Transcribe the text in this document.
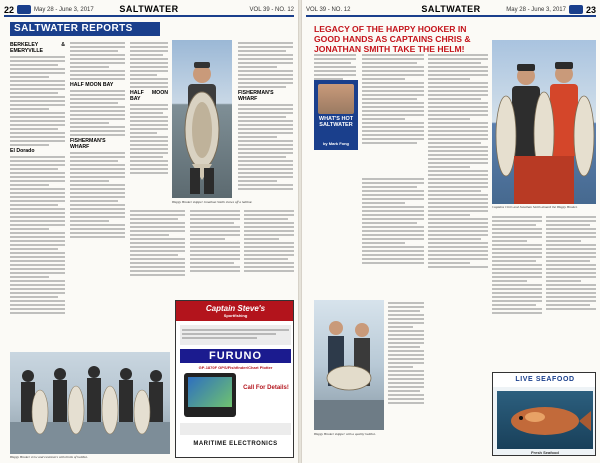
22	May 28 - June 3, 2017	SALTWATER	VOL 39 - NO. 12
SALTWATER REPORTS
BERKELEY & EMERYVILLE
El Dorado
HALF MOON BAY
FISHERMAN'S WHARF
FISHERMAN'S WHARF
HALF MOON BAY
Happy Hooker skipper Jonathan Smith shows off a halibut.
Captain Steve's
Sportfishing
FURUNO
GP-1870F GPS/Fishfinder/Chart Plotter
Call For Details!
MARITIME ELECTRONICS
Happy Hooker crew and customers with limits of halibut.
VOL 39 - NO. 12	SALTWATER	May 28 - June 3, 2017 23
LEGACY OF THE HAPPY HOOKER IN GOOD HANDS AS CAPTAINS CHRIS & JONATHAN SMITH TAKE THE HELM!
Captains Chris and Jonathan Smith aboard the Happy Hooker.
WHAT'S HOT SALTWATER
by Mark Fong
Happy Hooker skipper with a quality halibut.
LIVE SEAFOOD
Fresh Seafood
